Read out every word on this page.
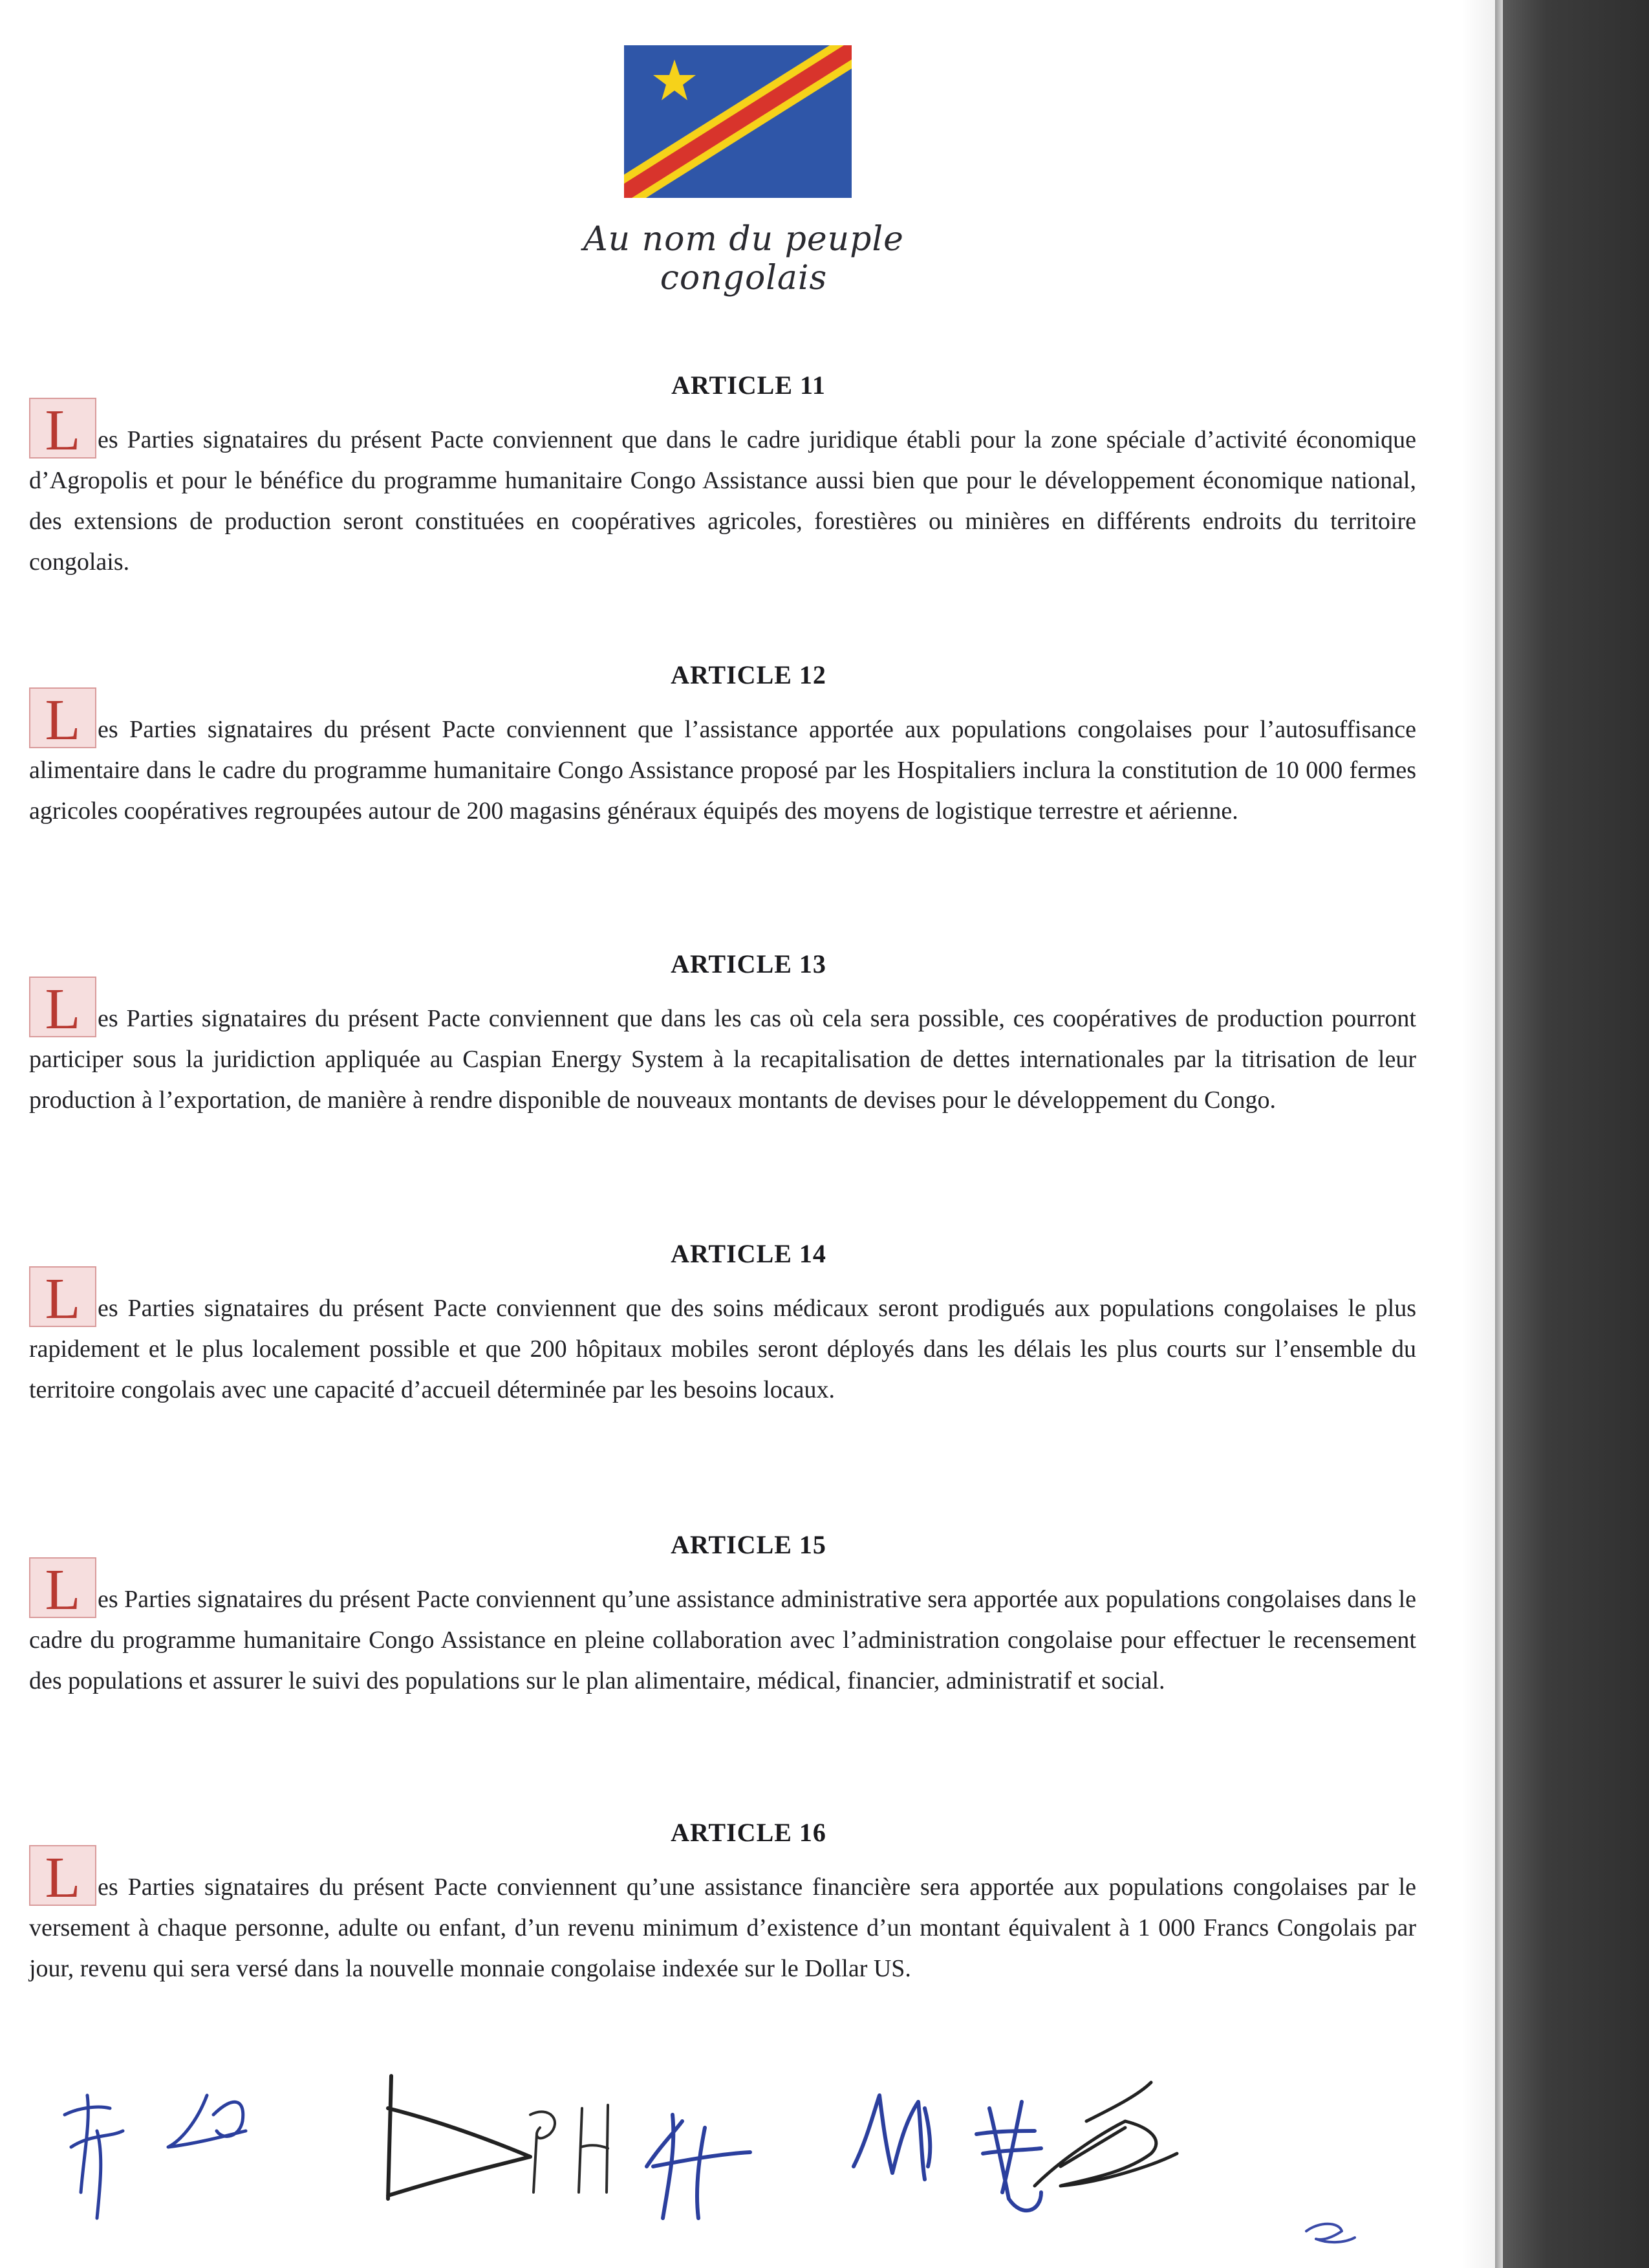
Au nom du peuple congolais
ARTICLE 11
L es Parties signataires du présent Pacte conviennent que dans le cadre juridique établi pour la zone spéciale d’activité économique d’Agropolis et pour le bénéfice du programme humanitaire Congo Assistance aussi bien que pour le développement économique national, des extensions de production seront constituées en coopératives agricoles, forestières ou minières en différents endroits du territoire congolais.
ARTICLE 12
L es Parties signataires du présent Pacte conviennent que l’assistance apportée aux populations congolaises pour l’autosuffisance alimentaire dans le cadre du programme humanitaire Congo Assistance proposé par les Hospitaliers inclura la constitution de 10 000 fermes agricoles coopératives regroupées autour de 200 magasins généraux équipés des moyens de logistique terrestre et aérienne.
ARTICLE 13
L es Parties signataires du présent Pacte conviennent que dans les cas où cela sera possible, ces coopératives de production pourront participer sous la juridiction appliquée au Caspian Energy System à la recapitalisation de dettes internationales par la titrisation de leur production à l’exportation, de manière à rendre disponible de nouveaux montants de devises pour le développement du Congo.
ARTICLE 14
L es Parties signataires du présent Pacte conviennent que des soins médicaux seront prodigués aux populations congolaises le plus rapidement et le plus localement possible et que 200 hôpitaux mobiles seront déployés dans les délais les plus courts sur l’ensemble du territoire congolais avec une capacité d’accueil déterminée par les besoins locaux.
ARTICLE 15
L es Parties signataires du présent Pacte conviennent qu’une assistance administrative sera apportée aux populations congolaises dans le cadre du programme humanitaire Congo Assistance en pleine collaboration avec l’administration congolaise pour effectuer le recensement des populations et assurer le suivi des populations sur le plan alimentaire, médical, financier, administratif et social.
ARTICLE 16
L es Parties signataires du présent Pacte conviennent qu’une assistance financière sera apportée aux populations congolaises par le versement à chaque personne, adulte ou enfant, d’un revenu minimum d’existence d’un montant équivalent à 1 000 Francs Congolais par jour, revenu qui sera versé dans la nouvelle monnaie congolaise indexée sur le Dollar US.
